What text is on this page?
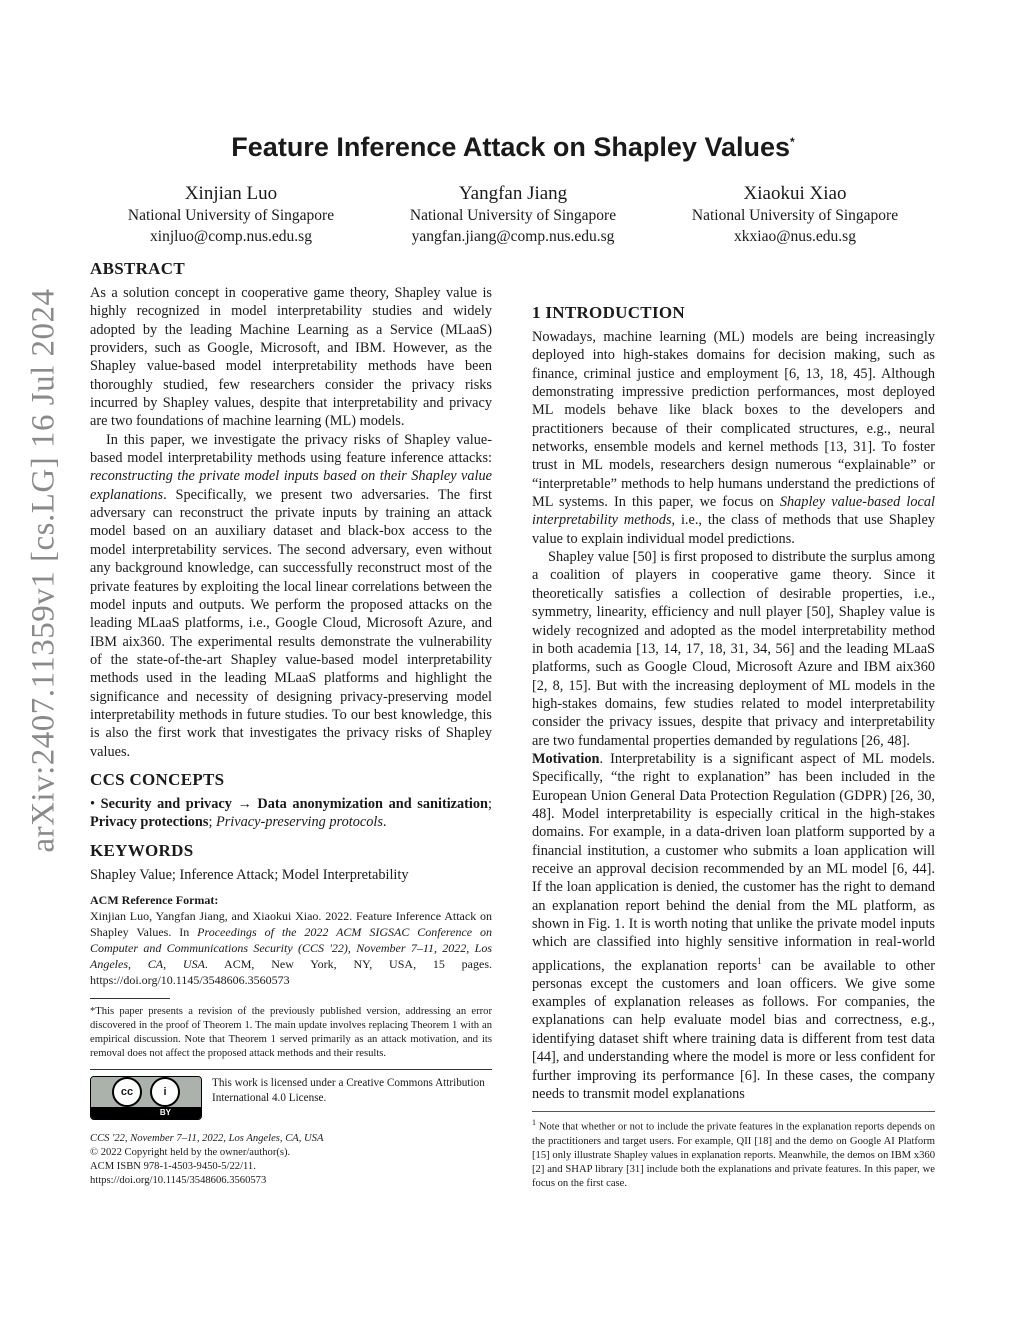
arXiv:2407.11359v1 [cs.LG] 16 Jul 2024
Feature Inference Attack on Shapley Values*
Xinjian Luo
National University of Singapore
xinjluo@comp.nus.edu.sg
Yangfan Jiang
National University of Singapore
yangfan.jiang@comp.nus.edu.sg
Xiaokui Xiao
National University of Singapore
xkxiao@nus.edu.sg
ABSTRACT

As a solution concept in cooperative game theory, Shapley value is highly recognized in model interpretability studies and widely adopted by the leading Machine Learning as a Service (MLaaS) providers, such as Google, Microsoft, and IBM. However, as the Shapley value-based model interpretability methods have been thoroughly studied, few researchers consider the privacy risks incurred by Shapley values, despite that interpretability and privacy are two foundations of machine learning (ML) models.

In this paper, we investigate the privacy risks of Shapley value-based model interpretability methods using feature inference attacks: reconstructing the private model inputs based on their Shapley value explanations. Specifically, we present two adversaries. The first adversary can reconstruct the private inputs by training an attack model based on an auxiliary dataset and black-box access to the model interpretability services. The second adversary, even without any background knowledge, can successfully reconstruct most of the private features by exploiting the local linear correlations between the model inputs and outputs. We perform the proposed attacks on the leading MLaaS platforms, i.e., Google Cloud, Microsoft Azure, and IBM aix360. The experimental results demonstrate the vulnerability of the state-of-the-art Shapley value-based model interpretability methods used in the leading MLaaS platforms and highlight the significance and necessity of designing privacy-preserving model interpretability methods in future studies. To our best knowledge, this is also the first work that investigates the privacy risks of Shapley values.

CCS CONCEPTS

• Security and privacy → Data anonymization and sanitization; Privacy protections; Privacy-preserving protocols.

KEYWORDS

Shapley Value; Inference Attack; Model Interpretability

ACM Reference Format:

Xinjian Luo, Yangfan Jiang, and Xiaokui Xiao. 2022. Feature Inference Attack on Shapley Values. In Proceedings of the 2022 ACM SIGSAC Conference on Computer and Communications Security (CCS '22), November 7–11, 2022, Los Angeles, CA, USA. ACM, New York, NY, USA, 15 pages. https://doi.org/10.1145/3548606.3560573

*This paper presents a revision of the previously published version, addressing an error discovered in the proof of Theorem 1. The main update involves replacing Theorem 1 with an empirical discussion. Note that Theorem 1 served primarily as an attack motivation, and its removal does not affect the proposed attack methods and their results.

cc	i
BY
This work is licensed under a Creative Commons Attribution International 4.0 License.
CCS '22, November 7–11, 2022, Los Angeles, CA, USA
© 2022 Copyright held by the owner/author(s).
ACM ISBN 978-1-4503-9450-5/22/11.
https://doi.org/10.1145/3548606.3560573
1 INTRODUCTION

Nowadays, machine learning (ML) models are being increasingly deployed into high-stakes domains for decision making, such as finance, criminal justice and employment [6, 13, 18, 45]. Although demonstrating impressive prediction performances, most deployed ML models behave like black boxes to the developers and practitioners because of their complicated structures, e.g., neural networks, ensemble models and kernel methods [13, 31]. To foster trust in ML models, researchers design numerous “explainable” or “interpretable” methods to help humans understand the predictions of ML systems. In this paper, we focus on Shapley value-based local interpretability methods, i.e., the class of methods that use Shapley value to explain individual model predictions.

Shapley value [50] is first proposed to distribute the surplus among a coalition of players in cooperative game theory. Since it theoretically satisfies a collection of desirable properties, i.e., symmetry, linearity, efficiency and null player [50], Shapley value is widely recognized and adopted as the model interpretability method in both academia [13, 14, 17, 18, 31, 34, 56] and the leading MLaaS platforms, such as Google Cloud, Microsoft Azure and IBM aix360 [2, 8, 15]. But with the increasing deployment of ML models in the high-stakes domains, few studies related to model interpretability consider the privacy issues, despite that privacy and interpretability are two fundamental properties demanded by regulations [26, 48].

Motivation. Interpretability is a significant aspect of ML models. Specifically, “the right to explanation” has been included in the European Union General Data Protection Regulation (GDPR) [26, 30, 48]. Model interpretability is especially critical in the high-stakes domains. For example, in a data-driven loan platform supported by a financial institution, a customer who submits a loan application will receive an approval decision recommended by an ML model [6, 44]. If the loan application is denied, the customer has the right to demand an explanation report behind the denial from the ML platform, as shown in Fig. 1. It is worth noting that unlike the private model inputs which are classified into highly sensitive information in real-world applications, the explanation reports$^1$ can be available to other personas except the customers and loan officers. We give some examples of explanation releases as follows. For companies, the explanations can help evaluate model bias and correctness, e.g., identifying dataset shift where training data is different from test data [44], and understanding where the model is more or less confident for further improving its performance [6]. In these cases, the company needs to transmit model explanations

$^1$ Note that whether or not to include the private features in the explanation reports depends on the practitioners and target users. For example, QII [18] and the demo on Google AI Platform [15] only illustrate Shapley values in explanation reports. Meanwhile, the demos on IBM x360 [2] and SHAP library [31] include both the explanations and private features. In this paper, we focus on the first case.
